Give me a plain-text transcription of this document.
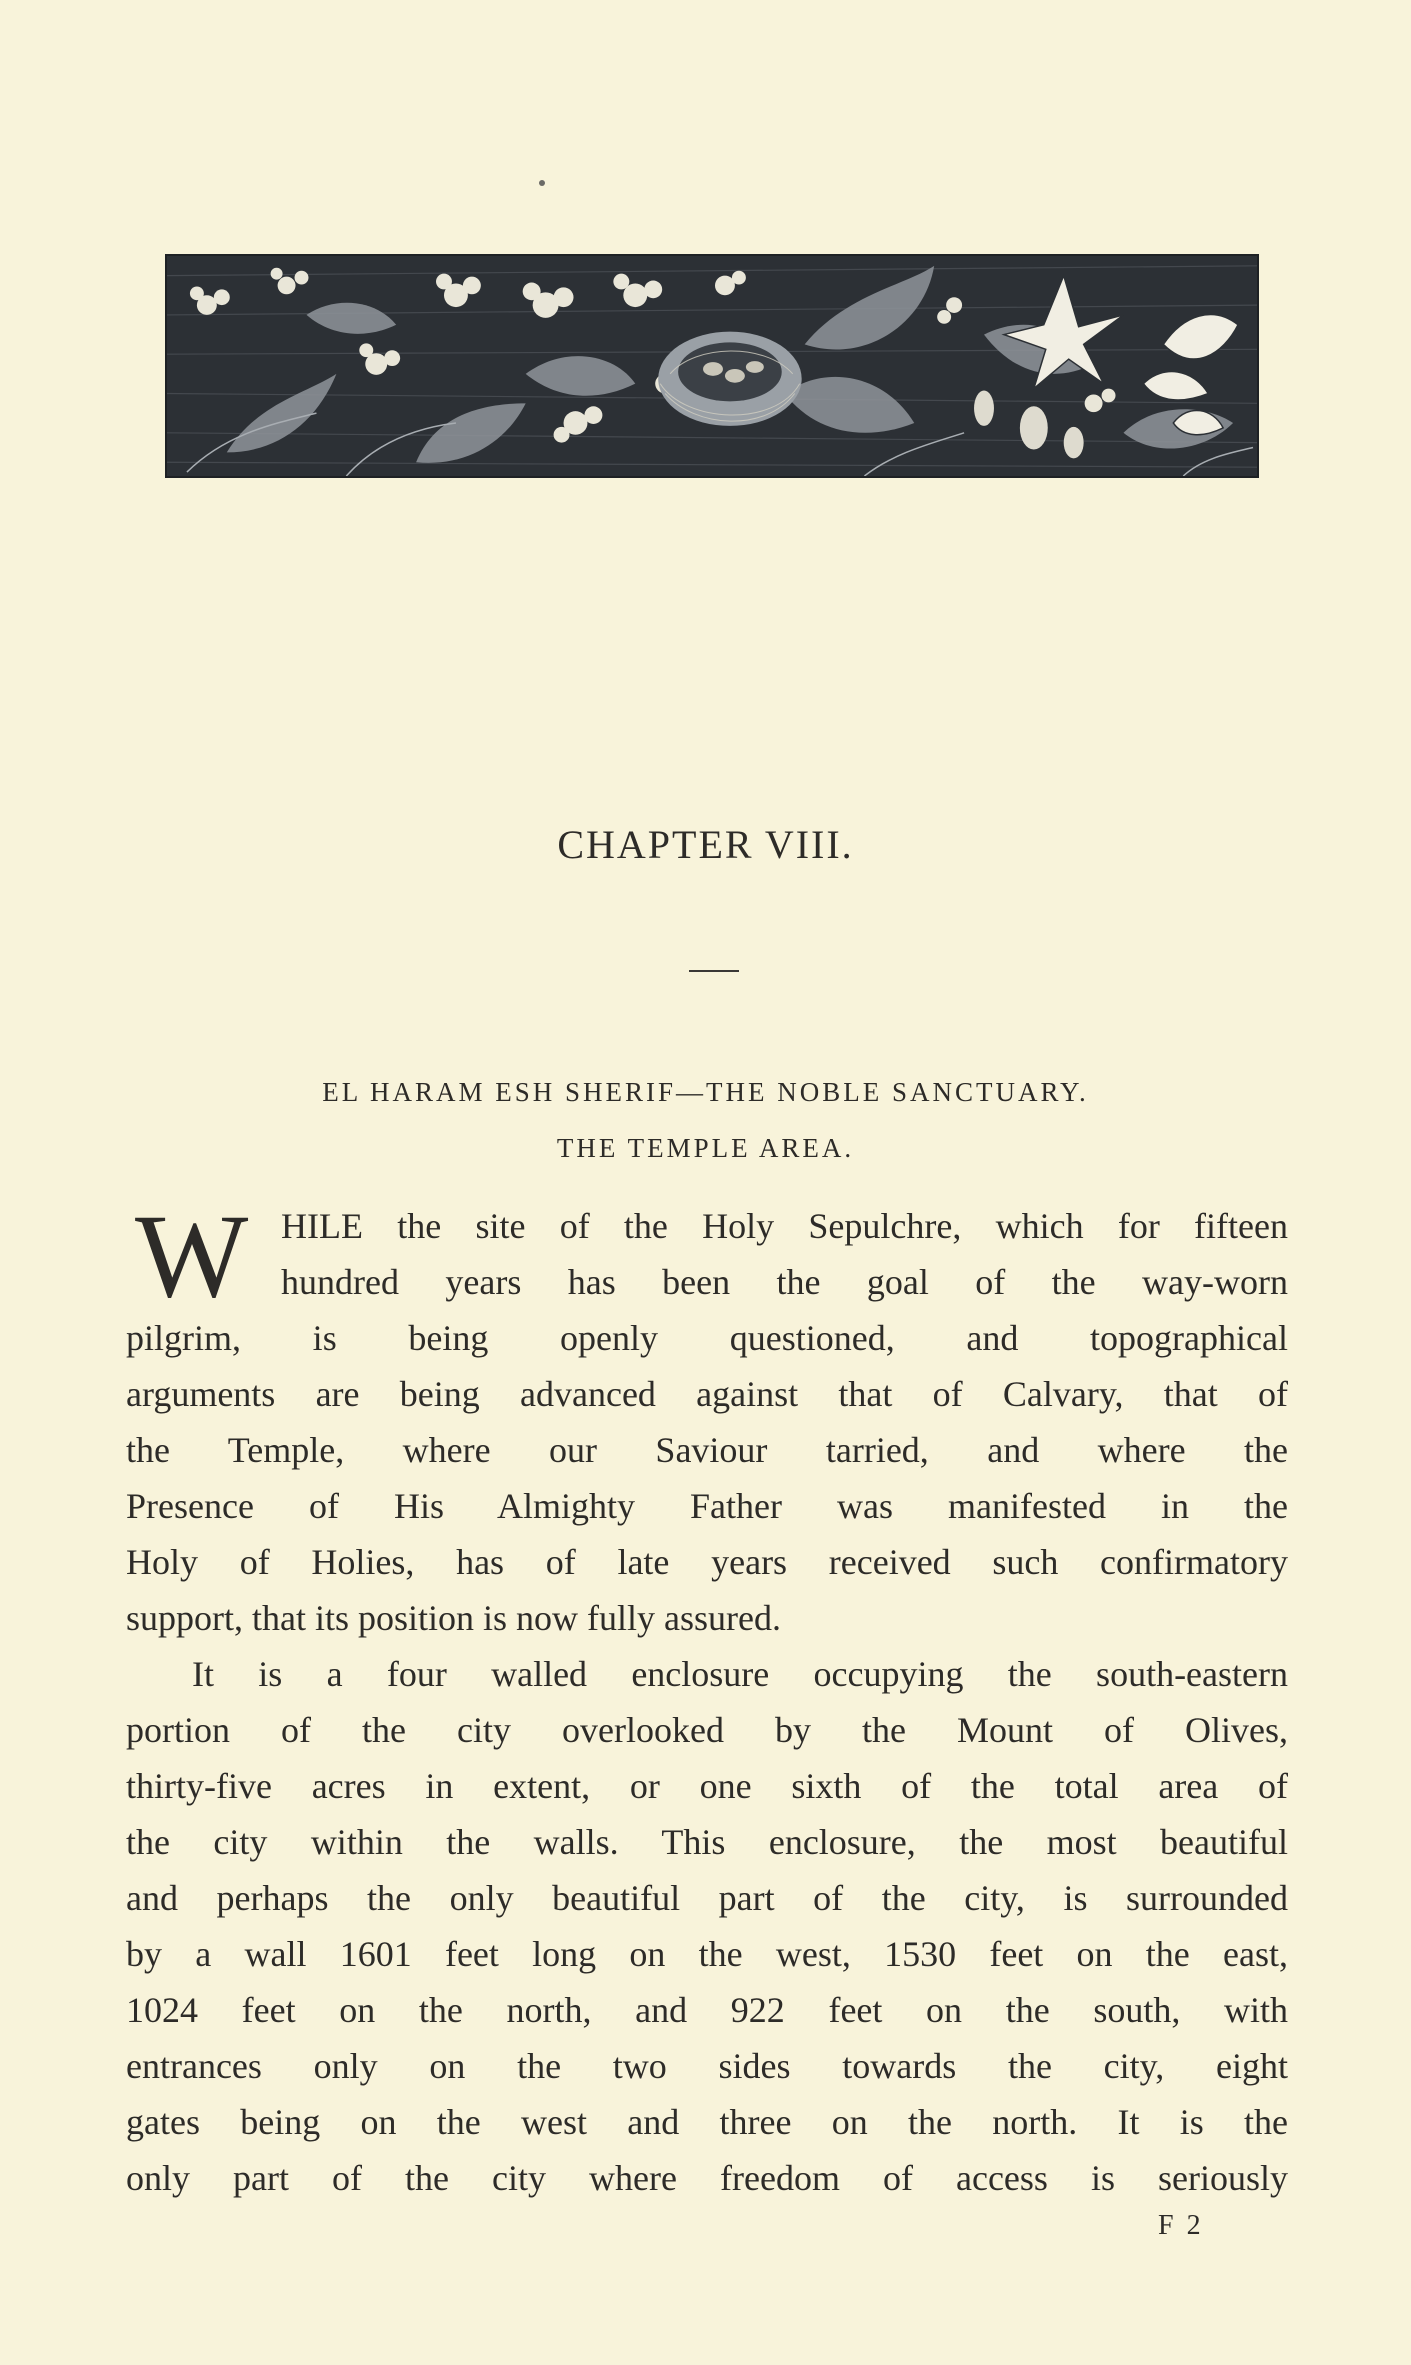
CHAPTER VIII.
EL HARAM ESH SHERIF—THE NOBLE SANCTUARY.
THE TEMPLE AREA.
W HILE the site of the Holy Sepulchre, which for fifteen
hundred years has been the goal of the way-worn
pilgrim, is being openly questioned, and topographical
arguments are being advanced against that of Calvary, that of
the Temple, where our Saviour tarried, and where the
Presence of His Almighty Father was manifested in the
Holy of Holies, has of late years received such confirmatory
support, that its position is now fully assured.
It is a four walled enclosure occupying the south-eastern
portion of the city overlooked by the Mount of Olives,
thirty-five acres in extent, or one sixth of the total area of
the city within the walls. This enclosure, the most beautiful
and perhaps the only beautiful part of the city, is surrounded
by a wall 1601 feet long on the west, 1530 feet on the east,
1024 feet on the north, and 922 feet on the south, with
entrances only on the two sides towards the city, eight
gates being on the west and three on the north. It is the
only part of the city where freedom of access is seriously
F 2
